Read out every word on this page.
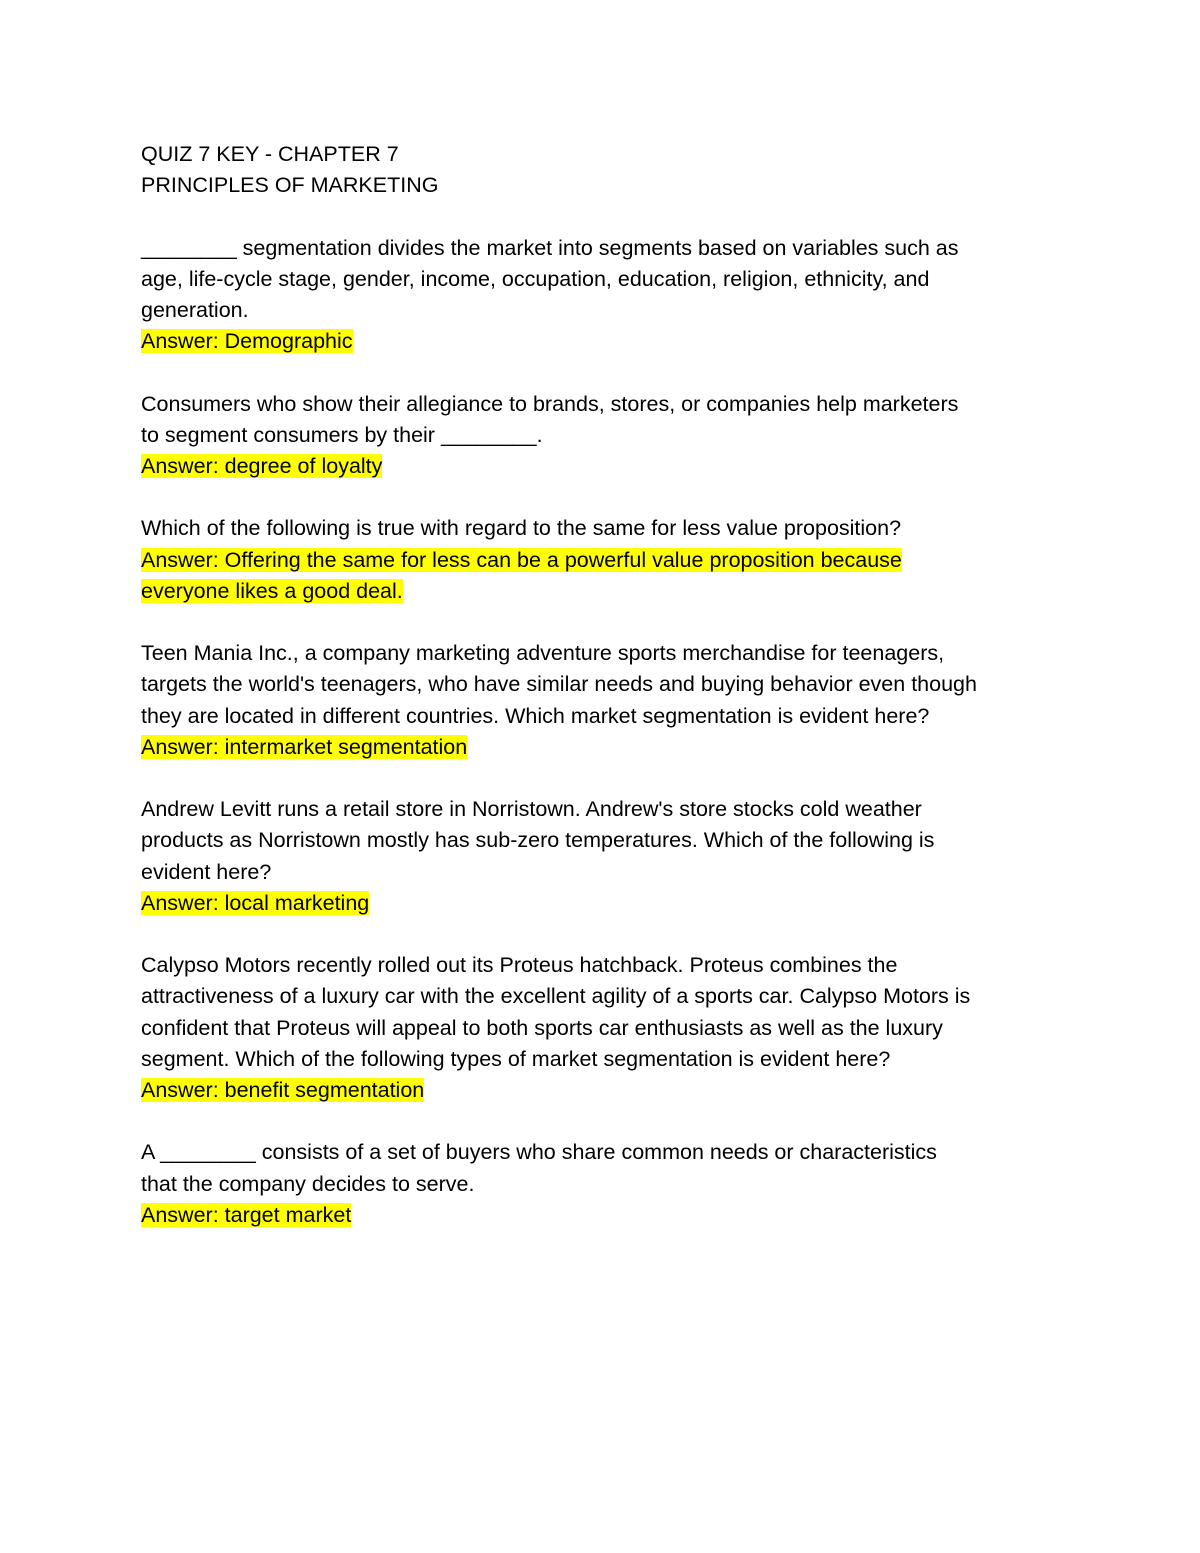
QUIZ 7 KEY - CHAPTER 7
PRINCIPLES OF MARKETING
________ segmentation divides the market into segments based on variables such as
age, life-cycle stage, gender, income, occupation, education, religion, ethnicity, and
generation.
Answer: Demographic
Consumers who show their allegiance to brands, stores, or companies help marketers
to segment consumers by their ________.
Answer: degree of loyalty
Which of the following is true with regard to the same for less value proposition?
Answer: Offering the same for less can be a powerful value proposition because
everyone likes a good deal.
Teen Mania Inc., a company marketing adventure sports merchandise for teenagers,
targets the world's teenagers, who have similar needs and buying behavior even though
they are located in different countries. Which market segmentation is evident here?
Answer: intermarket segmentation
Andrew Levitt runs a retail store in Norristown. Andrew's store stocks cold weather
products as Norristown mostly has sub-zero temperatures. Which of the following is
evident here?
Answer: local marketing
Calypso Motors recently rolled out its Proteus hatchback. Proteus combines the
attractiveness of a luxury car with the excellent agility of a sports car. Calypso Motors is
confident that Proteus will appeal to both sports car enthusiasts as well as the luxury
segment. Which of the following types of market segmentation is evident here?
Answer: benefit segmentation
A ________ consists of a set of buyers who share common needs or characteristics
that the company decides to serve.
Answer: target market
